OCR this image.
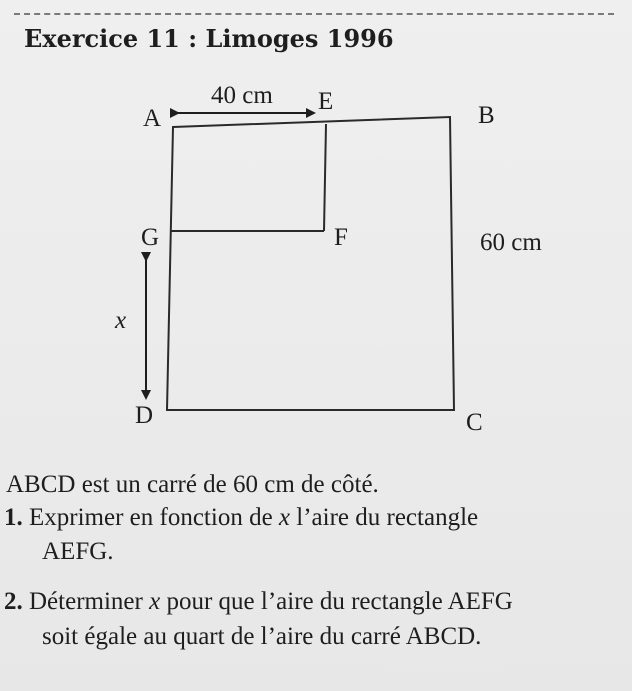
Exercice 11 : Limoges 1996
A
E
B
G	F
D	C
40 cm
60 cm
x
ABCD est un carré de 60 cm de côté.
1. Exprimer en fonction de x l’aire du rectangle
AEFG.
2. Déterminer x pour que l’aire du rectangle AEFG
soit égale au quart de l’aire du carré ABCD.
